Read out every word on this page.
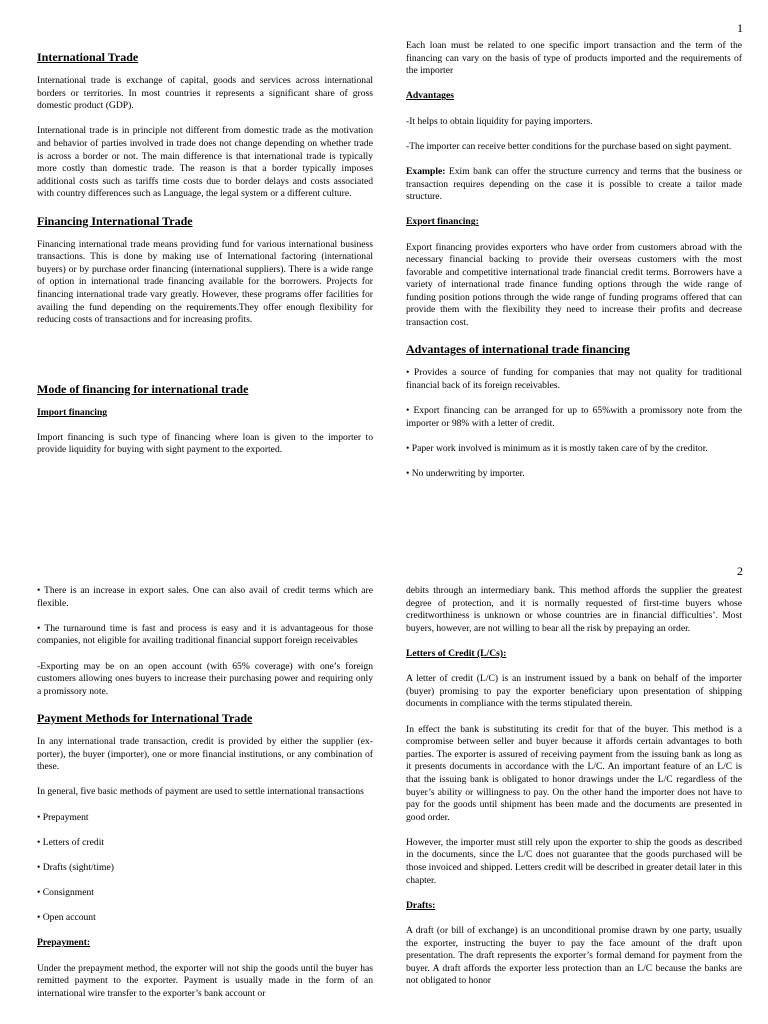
1
International Trade

International trade is exchange of capital, goods and services across international borders or territories. In most countries it represents a significant share of gross domestic product (GDP).

International trade is in principle not different from domestic trade as the motivation and behavior of parties involved in trade does not change depending on whether trade is across a border or not. The main difference is that international trade is typically more costly than domestic trade. The reason is that a border typically imposes additional costs such as tariffs time costs due to border delays and costs associated with country differences such as Language, the legal system or a different culture.

Financing International Trade

Financing international trade means providing fund for various international business transactions. This is done by making use of International factoring (international buyers) or by purchase order financing (international suppliers). There is a wide range of option in international trade financing available for the borrowers. Projects for financing international trade vary greatly. However, these programs offer facilities for availing the fund depending on the requirements.They offer enough flexibility for reducing costs of transactions and for increasing profits.

Mode of financing for international trade
Import financing

Import financing is such type of financing where loan is given to the importer to provide liquidity for buying with sight payment to the exported.

Each loan must be related to one specific import transaction and the term of the financing can vary on the basis of type of products imported and the requirements of the importer

Advantages

-It helps to obtain liquidity for paying importers.

-The importer can receive better conditions for the purchase based on sight payment.

Example: Exim bank can offer the structure currency and terms that the business or transaction requires depending on the case it is possible to create a tailor made structure.

Export financing:

Export financing provides exporters who have order from customers abroad with the necessary financial backing to provide their overseas customers with the most favorable and competitive international trade financial credit terms. Borrowers have a variety of international trade finance funding options through the wide range of funding position potions through the wide range of funding programs offered that can provide them with the flexibility they need to increase their profits and decrease transaction cost.

Advantages of international trade financing

• Provides a source of funding for companies that may not quality for traditional financial back of its foreign receivables.

• Export financing can be arranged for up to 65%with a promissory note from the importer or 98% with a letter of credit.

• Paper work involved is minimum as it is mostly taken care of by the creditor.

• No underwriting by importer.

2

• There is an increase in export sales. One can also avail of credit terms which are flexible.

• The turnaround time is fast and process is easy and it is advantageous for those companies, not eligible for availing traditional financial support foreign receivables

-Exporting may be on an open account (with 65% coverage) with one’s foreign customers allowing ones buyers to increase their purchasing power and requiring only a promissory note.

Payment Methods for International Trade

In any international trade transaction, credit is provided by either the supplier (ex-porter), the buyer (importer), one or more financial institutions, or any combination of these.

In general, five basic methods of payment are used to settle international transactions

• Prepayment

• Letters of credit

• Drafts (sight/time)

• Consignment

• Open account

Prepayment:

Under the prepayment method, the exporter will not ship the goods until the buyer has remitted payment to the exporter. Payment is usually made in the form of an international wire transfer to the exporter’s bank account or

debits through an intermediary bank. This method affords the supplier the greatest degree of protection, and it is normally requested of first-time buyers whose creditworthiness is unknown or whose countries are in financial difficulties’. Most buyers, however, are not willing to bear all the risk by prepaying an order.

Letters of Credit (L/Cs):

A letter of credit (L/C) is an instrument issued by a bank on behalf of the importer (buyer) promising to pay the exporter beneficiary upon presentation of shipping documents in compliance with the terms stipulated therein.

In effect the bank is substituting its credit for that of the buyer. This method is a compromise between seller and buyer because it affords certain advantages to both parties. The exporter is assured of receiving payment from the issuing bank as long as it presents documents in accordance with the L/C. An important feature of an L/C is that the issuing bank is obligated to honor drawings under the L/C regardless of the buyer’s ability or willingness to pay. On the other hand the importer does not have to pay for the goods until shipment has been made and the documents are presented in good order.

However, the importer must still rely upon the exporter to ship the goods as described in the documents, since the L/C does not guarantee that the goods purchased will be those invoiced and shipped. Letters credit will be described in greater detail later in this chapter.

Drafts:

A draft (or bill of exchange) is an unconditional promise drawn by one party, usually the exporter, instructing the buyer to pay the face amount of the draft upon presentation. The draft represents the exporter’s formal demand for payment from the buyer. A draft affords the exporter less protection than an L/C because the banks are not obligated to honor
